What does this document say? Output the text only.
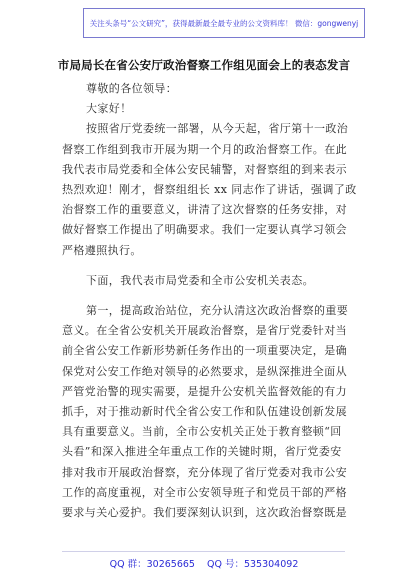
关注头条号“公文研究”，获得最新最全最专业的公文资料库！ 微信：gongwenyj
市局局长在省公安厅政治督察工作组见面会上的表态发言

尊敬的各位领导：

大家好！

按照省厅党委统一部署，从今天起，省厅第十一政治

督察工作组到我市开展为期一个月的政治督察工作。在此

我代表市局党委和全体公安民辅警，对督察组的到来表示

热烈欢迎！刚才，督察组组长 xx 同志作了讲话，强调了政

治督察工作的重要意义，讲清了这次督察的任务安排，对

做好督察工作提出了明确要求。我们一定要认真学习领会

严格遵照执行。

下面，我代表市局党委和全市公安机关表态。

第一，提高政治站位，充分认清这次政治督察的重要

意义。在全省公安机关开展政治督察，是省厅党委针对当

前全省公安工作新形势新任务作出的一项重要决定，是确

保党对公安工作绝对领导的必然要求，是纵深推进全面从

严管党治警的现实需要，是提升公安机关监督效能的有力

抓手，对于推动新时代全省公安工作和队伍建设创新发展

具有重要意义。当前，全市公安机关正处于教育整顿“回

头看”和深入推进全年重点工作的关键时期，省厅党委安

排对我市开展政治督察，充分体现了省厅党委对我市公安

工作的高度重视，对全市公安领导班子和党员干部的严格

要求与关心爱护。我们要深刻认识到，这次政治督察既是

QQ 群：30265665 QQ 号：535304092
